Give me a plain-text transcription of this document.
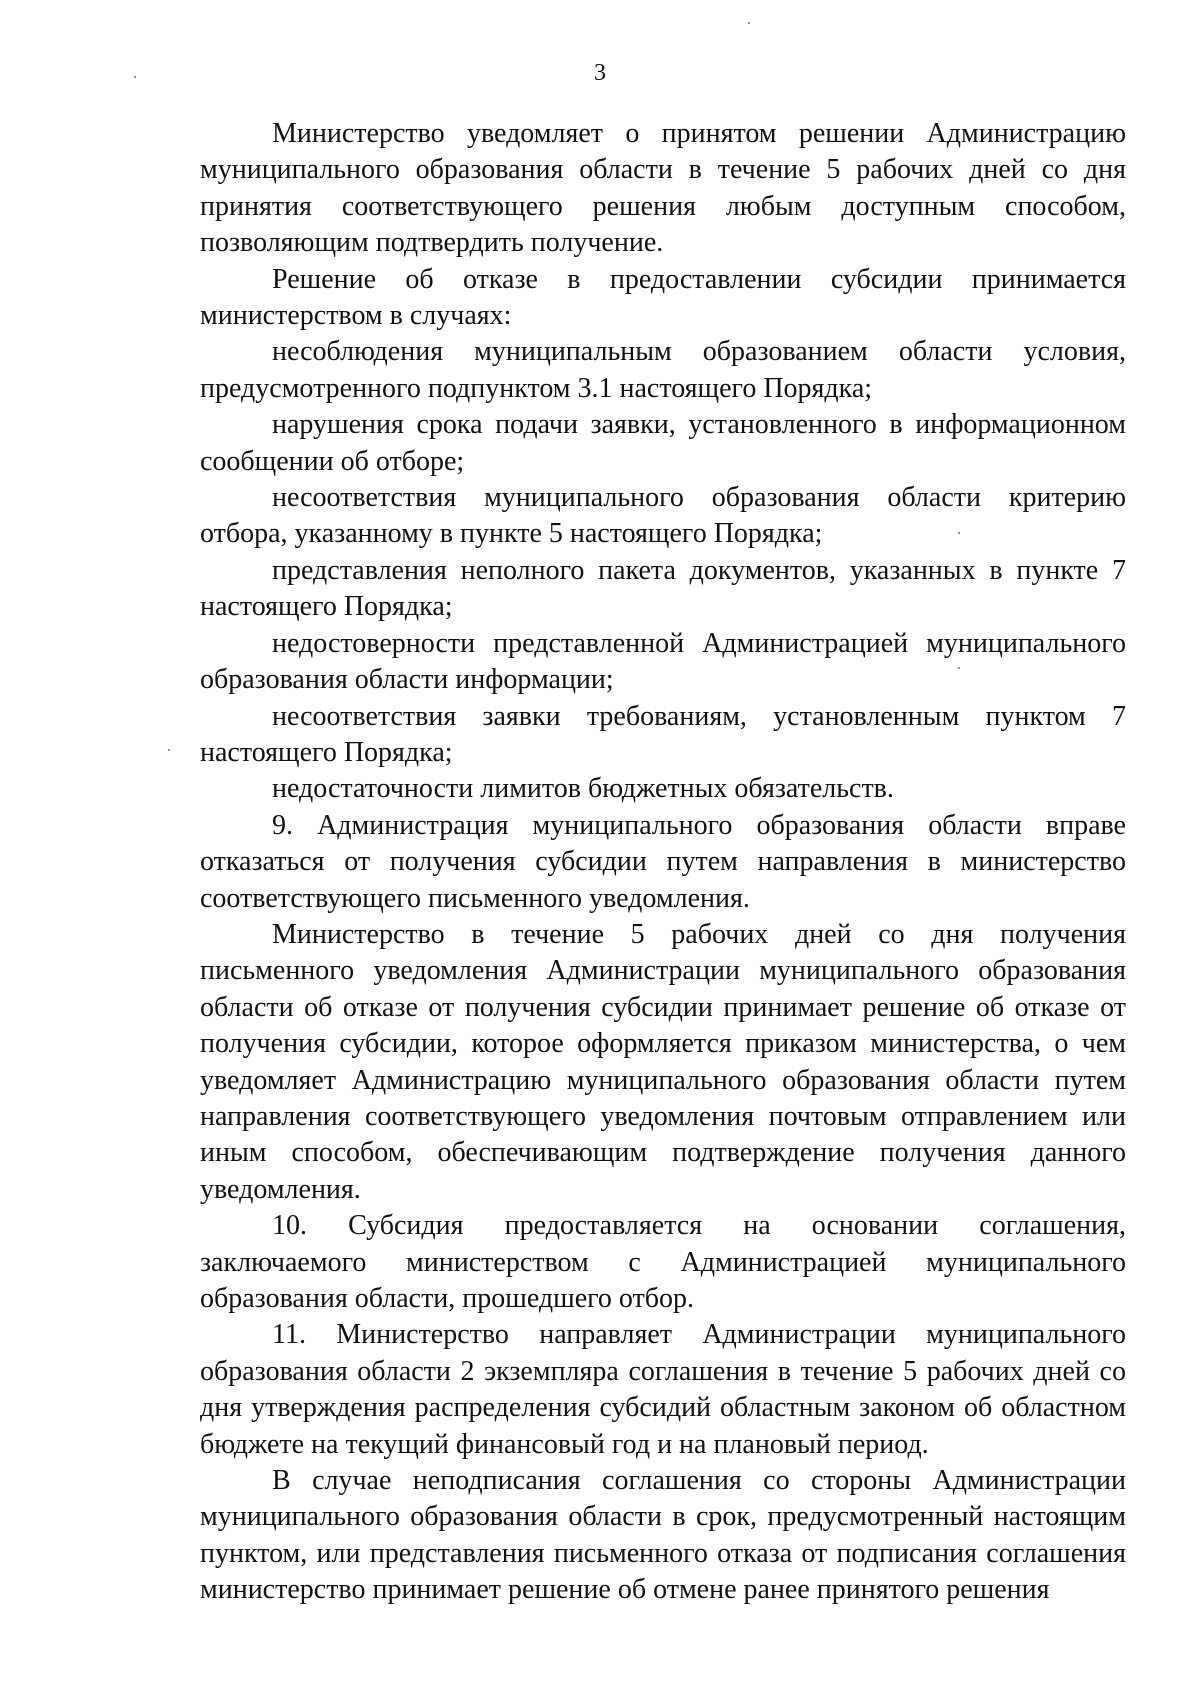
3

Министерство уведомляет о принятом решении Администрацию муниципального образования области в течение 5 рабочих дней со дня принятия соответствующего решения любым доступным способом, позволяющим подтвердить получение.

Решение об отказе в предоставлении субсидии принимается министерством в случаях:

несоблюдения муниципальным образованием области условия, предусмотренного подпунктом 3.1 настоящего Порядка;

нарушения срока подачи заявки, установленного в информационном сообщении об отборе;

несоответствия муниципального образования области критерию отбора, указанному в пункте 5 настоящего Порядка;

представления неполного пакета документов, указанных в пункте 7 настоящего Порядка;

недостоверности представленной Администрацией муниципального образования области информации;

несоответствия заявки требованиям, установленным пунктом 7 настоящего Порядка;

недостаточности лимитов бюджетных обязательств.

9. Администрация муниципального образования области вправе отказаться от получения субсидии путем направления в министерство соответствующего письменного уведомления.

Министерство в течение 5 рабочих дней со дня получения письменного уведомления Администрации муниципального образования области об отказе от получения субсидии принимает решение об отказе от получения субсидии, которое оформляется приказом министерства, о чем уведомляет Администрацию муниципального образования области путем направления соответствующего уведомления почтовым отправлением или иным способом, обеспечивающим подтверждение получения данного уведомления.

10. Субсидия предоставляется на основании соглашения, заключаемого министерством с Администрацией муниципального образования области, прошедшего отбор.

11. Министерство направляет Администрации муниципального образования области 2 экземпляра соглашения в течение 5 рабочих дней со дня утверждения распределения субсидий областным законом об областном бюджете на текущий финансовый год и на плановый период.

В случае неподписания соглашения со стороны Администрации муниципального образования области в срок, предусмотренный настоящим пунктом, или представления письменного отказа от подписания соглашения министерство принимает решение об отмене ранее принятого решения
